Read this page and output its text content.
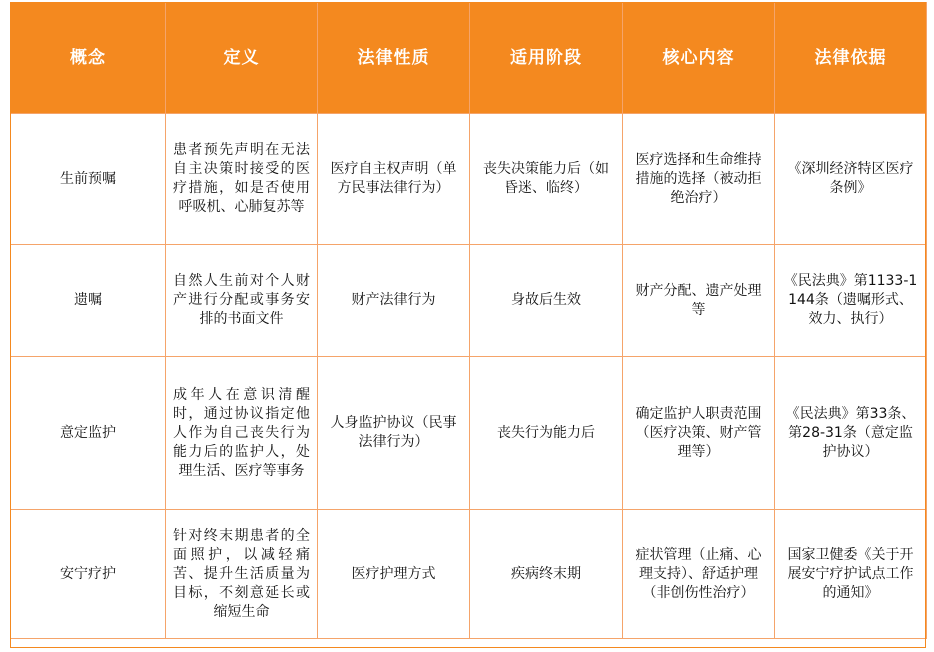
概念	定义	法律性质	适用阶段	核心内容	法律依据
生前预嘱	患者预先声明在无法自主决策时接受的医疗措施，如是否使用呼吸机、心肺复苏等	医疗自主权声明（单方民事法律行为）	丧失决策能力后（如昏迷、临终）	医疗选择和生命维持措施的选择（被动拒绝治疗）	《深圳经济特区医疗条例》
遗嘱	自然人生前对个人财产进行分配或事务安排的书面文件	财产法律行为	身故后生效	财产分配、遗产处理等	《民法典》第1133-1144条（遗嘱形式、效力、执行）
意定监护	成年人在意识清醒时，通过协议指定他人作为自己丧失行为能力后的监护人，处理生活、医疗等事务	人身监护协议（民事法律行为）	丧失行为能力后	确定监护人职责范围（医疗决策、财产管理等）	《民法典》第33条、第28-31条（意定监护协议）
安宁疗护	针对终末期患者的全面照护，以减轻痛苦、提升生活质量为目标，不刻意延长或缩短生命	医疗护理方式	疾病终末期	症状管理（止痛、心理支持）、舒适护理（非创伤性治疗）	国家卫健委《关于开展安宁疗护试点工作的通知》
